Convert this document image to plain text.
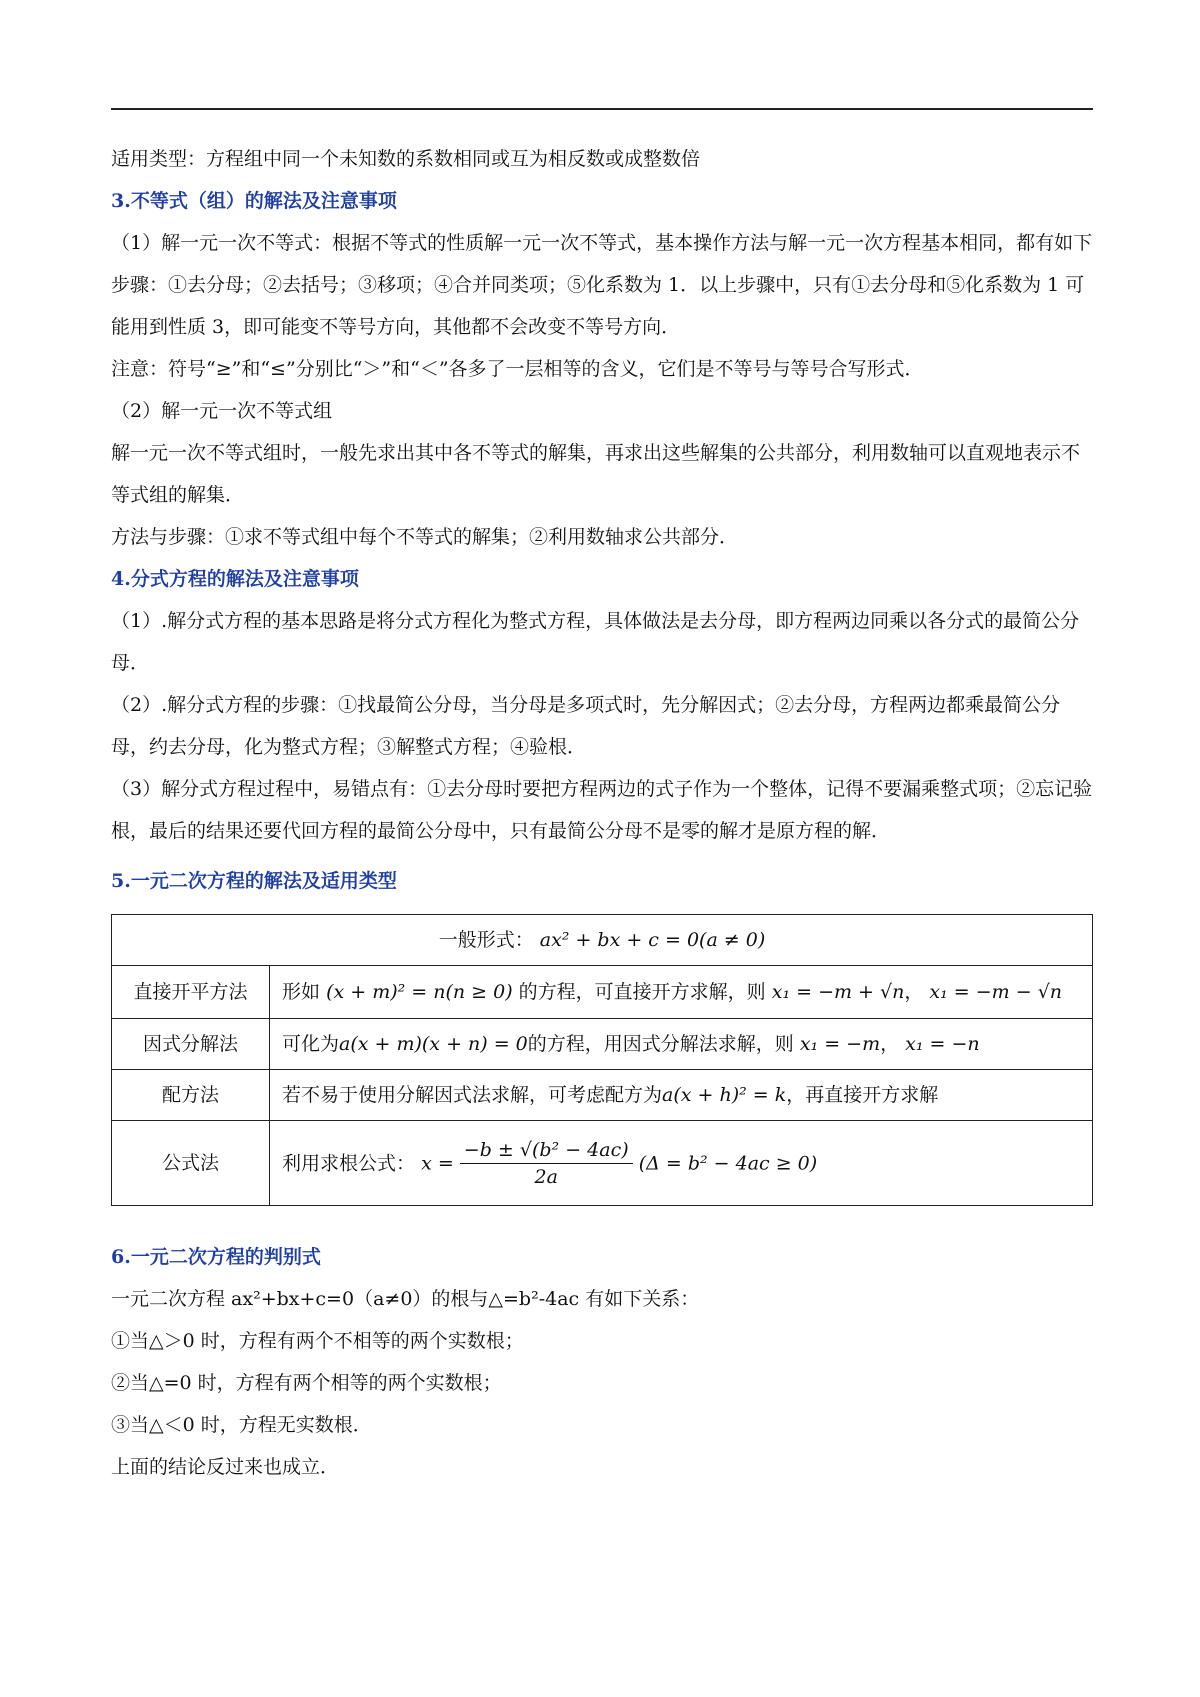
适用类型：方程组中同一个未知数的系数相同或互为相反数或成整数倍

3.不等式（组）的解法及注意事项

（1）解一元一次不等式：根据不等式的性质解一元一次不等式，基本操作方法与解一元一次方程基本相同，都有如下步骤：①去分母；②去括号；③移项；④合并同类项；⑤化系数为 1．以上步骤中，只有①去分母和⑤化系数为 1 可能用到性质 3，即可能变不等号方向，其他都不会改变不等号方向．

注意：符号“≥”和“≤”分别比“＞”和“＜”各多了一层相等的含义，它们是不等号与等号合写形式．

（2）解一元一次不等式组

解一元一次不等式组时，一般先求出其中各不等式的解集，再求出这些解集的公共部分，利用数轴可以直观地表示不等式组的解集．

方法与步骤：①求不等式组中每个不等式的解集；②利用数轴求公共部分．

4.分式方程的解法及注意事项

（1）.解分式方程的基本思路是将分式方程化为整式方程，具体做法是去分母，即方程两边同乘以各分式的最简公分母．

（2）.解分式方程的步骤：①找最简公分母，当分母是多项式时，先分解因式；②去分母，方程两边都乘最简公分母，约去分母，化为整式方程；③解整式方程；④验根．

（3）解分式方程过程中，易错点有：①去分母时要把方程两边的式子作为一个整体，记得不要漏乘整式项；②忘记验根，最后的结果还要代回方程的最简公分母中，只有最简公分母不是零的解才是原方程的解．

5.一元二次方程的解法及适用类型

一般形式： ax² + bx + c = 0(a ≠ 0)	
直接开平方法	形如 (x + m)² = n(n ≥ 0) 的方程，可直接开方求解，则 x₁ = −m + √n， x₁ = −m − √n
因式分解法	可化为a(x + m)(x + n) = 0的方程，用因式分解法求解，则 x₁ = −m， x₁ = −n
配方法	若不易于使用分解因式法求解，可考虑配方为a(x + h)² = k，再直接开方求解
公式法	利用求根公式： $x = \frac{\text{−b ± √(b² − 4ac)}}{2a} (\Delta = b^2 - 4ac \ge 0)$

6.一元二次方程的判别式

一元二次方程 ax²+bx+c=0（a≠0）的根与△=b²-4ac 有如下关系：

①当△＞0 时，方程有两个不相等的两个实数根；

②当△=0 时，方程有两个相等的两个实数根；

③当△＜0 时，方程无实数根．

上面的结论反过来也成立．
